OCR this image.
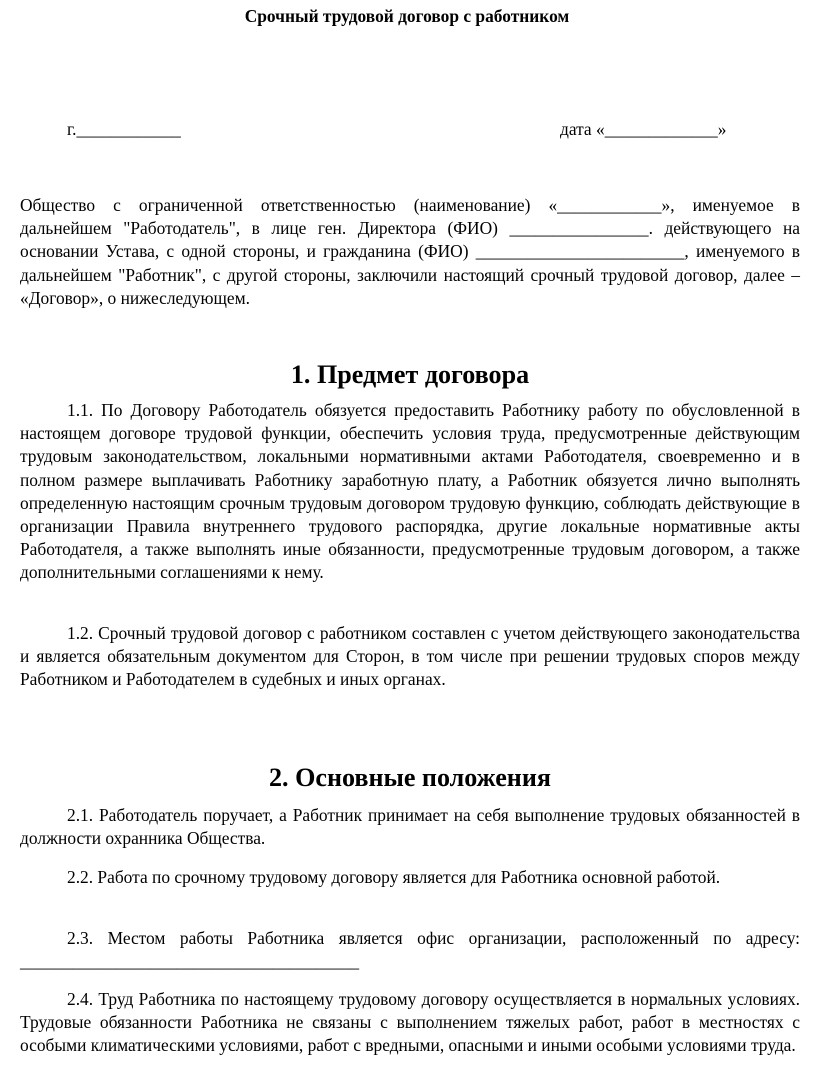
Срочный трудовой договор с работником
г.____________	дата «_____________»

Общество с ограниченной ответственностью (наименование) «____________», именуемое в дальнейшем "Работодатель", в лице ген. Директора (ФИО) ________________. действующего на основании Устава, с одной стороны, и гражданина (ФИО) ________________________, именуемого в дальнейшем "Работник", с другой стороны, заключили настоящий срочный трудовой договор, далее – «Договор», о нижеследующем.

1. Предмет договора

1.1. По Договору Работодатель обязуется предоставить Работнику работу по обусловленной в настоящем договоре трудовой функции, обеспечить условия труда, предусмотренные действующим трудовым законодательством, локальными нормативными актами Работодателя, своевременно и в полном размере выплачивать Работнику заработную плату, а Работник обязуется лично выполнять определенную настоящим срочным трудовым договором трудовую функцию, соблюдать действующие в организации Правила внутреннего трудового распорядка, другие локальные нормативные акты Работодателя, а также выполнять иные обязанности, предусмотренные трудовым договором, а также дополнительными соглашениями к нему.

1.2. Срочный трудовой договор с работником составлен с учетом действующего законодательства и является обязательным документом для Сторон, в том числе при решении трудовых споров между Работником и Работодателем в судебных и иных органах.

2. Основные положения

2.1. Работодатель поручает, а Работник принимает на себя выполнение трудовых обязанностей в должности охранника Общества.

2.2. Работа по срочному трудовому договору является для Работника основной работой.

2.3. Местом работы Работника является офис организации, расположенный по адресу: _______________________________________

2.4. Труд Работника по настоящему трудовому договору осуществляется в нормальных условиях. Трудовые обязанности Работника не связаны с выполнением тяжелых работ, работ в местностях с особыми климатическими условиями, работ с вредными, опасными и иными особыми условиями труда.
